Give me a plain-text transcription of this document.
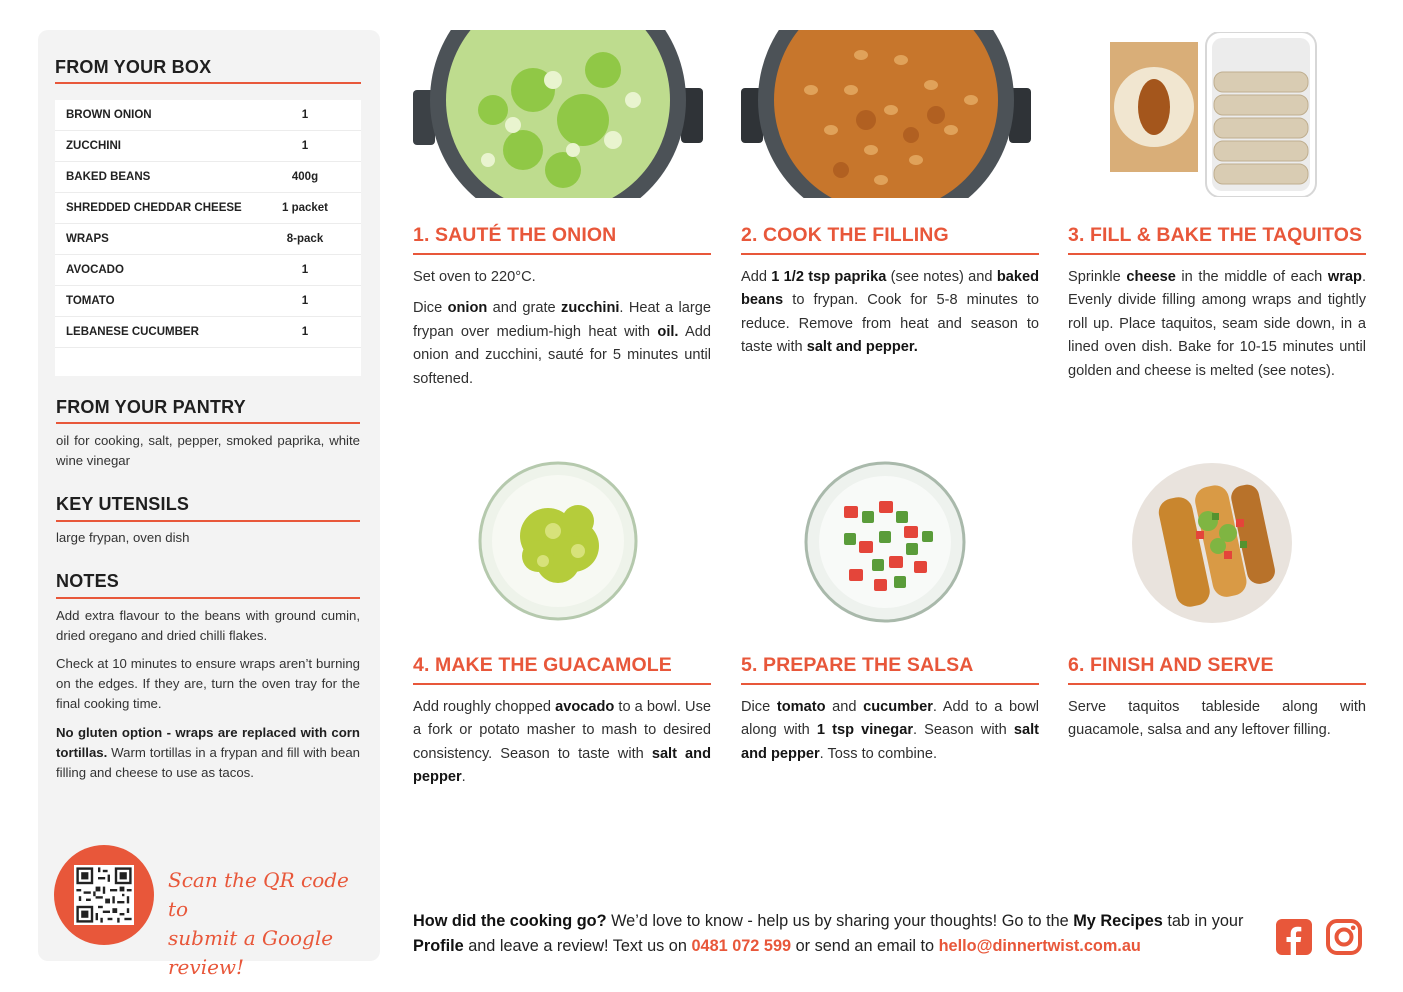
FROM YOUR BOX
BROWN ONION	1
ZUCCHINI	1
BAKED BEANS	400g
SHREDDED CHEDDAR CHEESE	1 packet
WRAPS	8-pack
AVOCADO	1
TOMATO	1
LEBANESE CUCUMBER	1
FROM YOUR PANTRY
oil for cooking, salt, pepper, smoked paprika, white wine vinegar
KEY UTENSILS
large frypan, oven dish
NOTES
Add extra flavour to the beans with ground cumin, dried oregano and dried chilli flakes.
Check at 10 minutes to ensure wraps aren’t burning on the edges. If they are, turn the oven tray for the final cooking time.
No gluten option - wraps are replaced with corn tortillas. Warm tortillas in a frypan and fill with bean filling and cheese to use as tacos.
Scan the QR code to
submit a Google review!
1. SAUTÉ THE ONION

Set oven to 220°C.

Dice onion and grate zucchini. Heat a large frypan over medium-high heat with oil. Add onion and zucchini, sauté for 5 minutes until softened.

2. COOK THE FILLING

Add 1 1/2 tsp paprika (see notes) and baked beans to frypan. Cook for 5-8 minutes to reduce. Remove from heat and season to taste with salt and pepper.

3. FILL & BAKE THE TAQUITOS

Sprinkle cheese in the middle of each wrap. Evenly divide filling among wraps and tightly roll up. Place taquitos, seam side down, in a lined oven dish. Bake for 10-15 minutes until golden and cheese is melted (see notes).

4. MAKE THE GUACAMOLE

Add roughly chopped avocado to a bowl. Use a fork or potato masher to mash to desired consistency. Season to taste with salt and pepper.

5. PREPARE THE SALSA

Dice tomato and cucumber. Add to a bowl along with 1 tsp vinegar. Season with salt and pepper. Toss to combine.

6. FINISH AND SERVE

Serve taquitos tableside along with guacamole, salsa and any leftover filling.

How did the cooking go? We’d love to know - help us by sharing your thoughts! Go to the My Recipes tab in your Profile and leave a review! Text us on 0481 072 599 or send an email to hello@dinnertwist.com.au
